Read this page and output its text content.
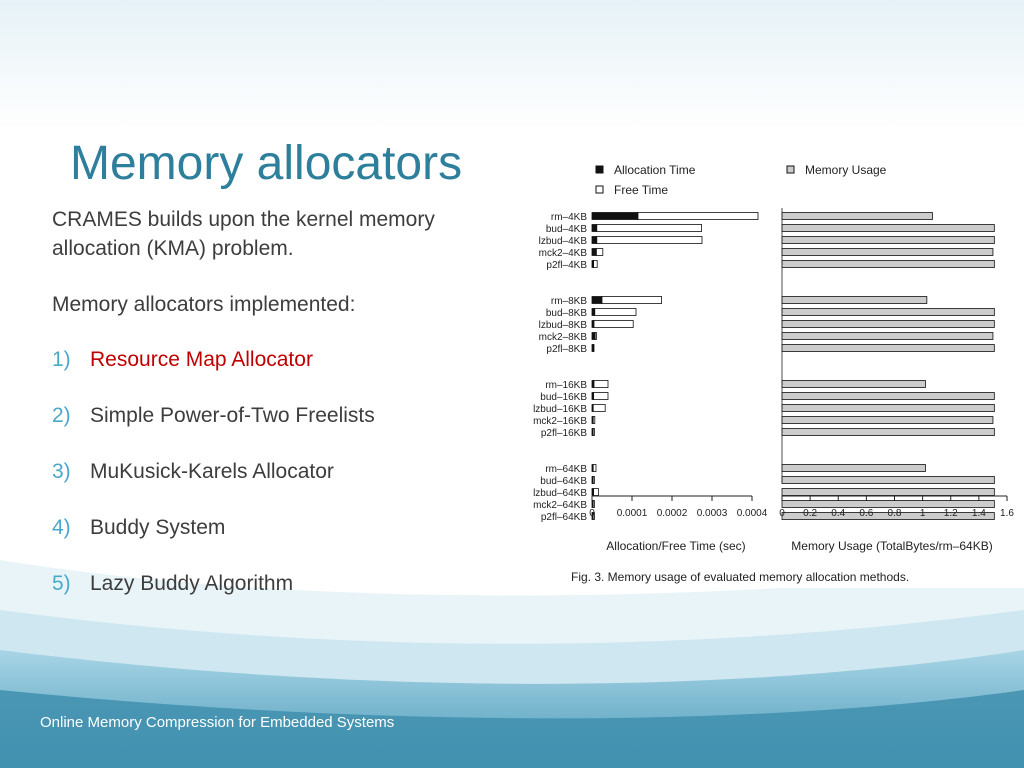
Memory allocators

CRAMES builds upon the kernel memory allocation (KMA) problem.

Memory allocators implemented:

1) Resource Map Allocator
2) Simple Power-of-Two Freelists
3) MuKusick-Karels Allocator
4) Buddy System
5) Lazy Buddy Algorithm
Allocation Time
Free Time
Memory Usage
rm–4KB
bud–4KB
lzbud–4KB
mck2–4KB
p2fl–4KB
rm–8KB
bud–8KB
lzbud–8KB
mck2–8KB
p2fl–8KB
rm–16KB
bud–16KB
lzbud–16KB
mck2–16KB
p2fl–16KB
rm–64KB
bud–64KB
lzbud–64KB
mck2–64KB
p2fl–64KB 0 0.0001 0.0002 0.0003 0.0004 0 0.2 0.4 0.6 0.8 1 1.2 1.4 1.6
Allocation/Free Time (sec)	Memory Usage (TotalBytes/rm–64KB)
Fig. 3. Memory usage of evaluated memory allocation methods.
Online Memory Compression for Embedded Systems
